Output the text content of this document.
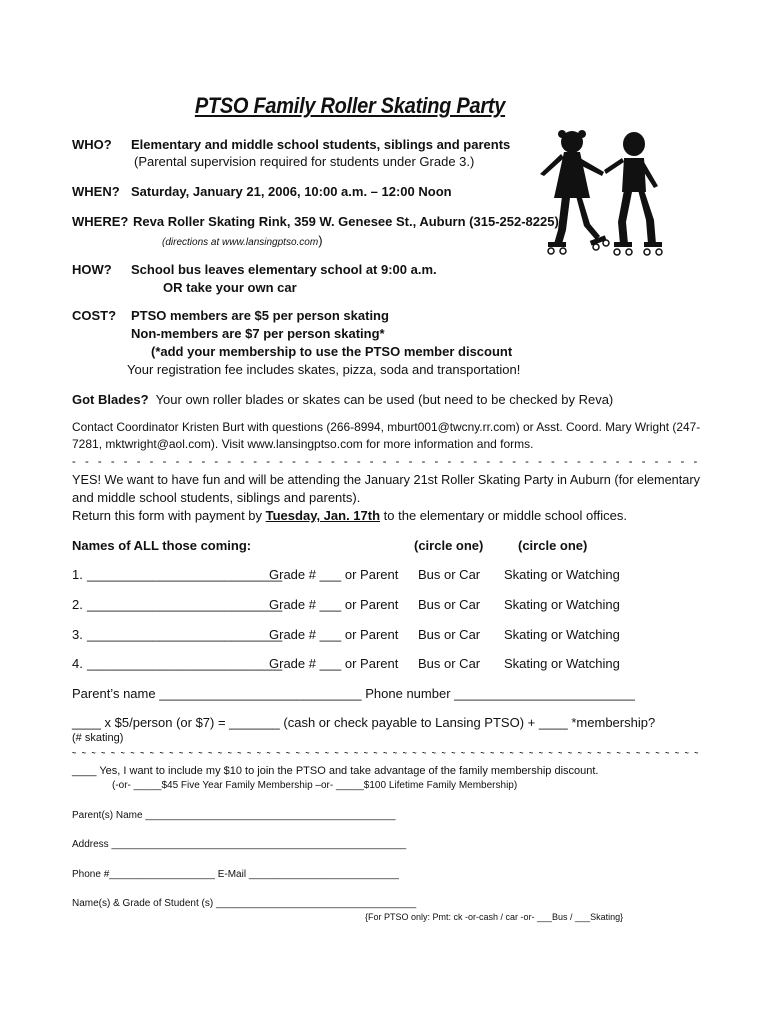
PTSO Family Roller Skating Party
WHO? Elementary and middle school students, siblings and parents
(Parental supervision required for students under Grade 3.)
WHEN? Saturday, January 21, 2006, 10:00 a.m. – 12:00 Noon
WHERE? Reva Roller Skating Rink, 359 W. Genesee St., Auburn (315-252-8225)
(directions at www.lansingptso.com)
HOW? School bus leaves elementary school at 9:00 a.m.
OR take your own car
COST? PTSO members are $5 per person skating
Non-members are $7 per person skating*
(*add your membership to use the PTSO member discount
Your registration fee includes skates, pizza, soda and transportation!
Got Blades? Your own roller blades or skates can be used (but need to be checked by Reva)
Contact Coordinator Kristen Burt with questions (266-8994, mburt001@twcny.rr.com) or Asst. Coord. Mary Wright (247-
7281, mktwright@aol.com). Visit www.lansingptso.com for more information and forms.
- - - - - - - - - - - - - - - - - - - - - - - - - - - - - - - - - - - - - - - - - - - - - - - - -
YES! We want to have fun and will be attending the January 21st Roller Skating Party in Auburn (for elementary
and middle school students, siblings and parents).
Return this form with payment by Tuesday, Jan. 17th to the elementary or middle school offices.
Names of ALL those coming:	(circle one)	(circle one)
1. ___________________________
Grade # ___ or Parent Bus or Car Skating or Watching
2. ___________________________
Grade # ___ or Parent Bus or Car Skating or Watching
3. ___________________________
Grade # ___ or Parent Bus or Car Skating or Watching
4. ___________________________
Grade # ___ or Parent Bus or Car Skating or Watching
Parent’s name ____________________________ Phone number _________________________
____ x $5/person (or $7) = _______ (cash or check payable to Lansing PTSO) + ____ *membership?
(# skating)
~ ~ ~ ~ ~ ~ ~ ~ ~ ~ ~ ~ ~ ~ ~ ~ ~ ~ ~ ~ ~ ~ ~ ~ ~ ~ ~ ~ ~ ~ ~ ~ ~ ~ ~ ~ ~ ~ ~ ~ ~ ~ ~ ~ ~ ~ ~ ~ ~ ~ ~ ~ ~ ~ ~ ~ ~ ~ ~ ~ ~ ~ ~ ~ ~
____ Yes, I want to include my $10 to join the PTSO and take advantage of the family membership discount.
(-or- _____$45 Five Year Family Membership –or- _____$100 Lifetime Family Membership)
Parent(s) Name _____________________________________________
Address _____________________________________________________
Phone #___________________ E-Mail ___________________________
Name(s) & Grade of Student (s) ____________________________________
{For PTSO only: Pmt: ck -or-cash / car -or- ___Bus / ___Skating}
